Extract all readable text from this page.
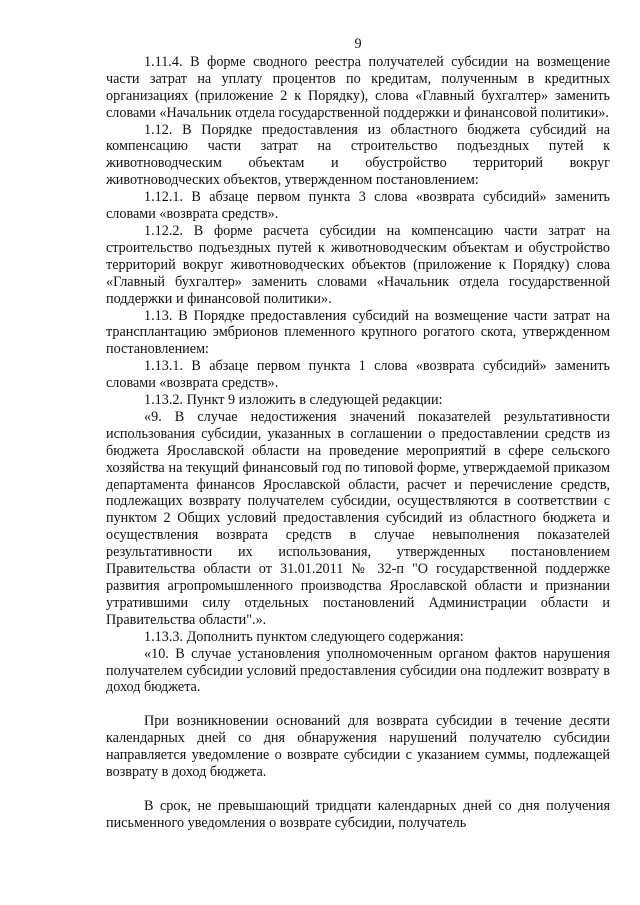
9

1.11.4. В форме сводного реестра получателей субсидии на возмещение части затрат на уплату процентов по кредитам, полученным в кредитных организациях (приложение 2 к Порядку), слова «Главный бухгалтер» заменить словами «Начальник отдела государственной поддержки и финансовой политики».

1.12. В Порядке предоставления из областного бюджета субсидий на компенсацию части затрат на строительство подъездных путей к животноводческим объектам и обустройство территорий вокруг животноводческих объектов, утвержденном постановлением:

1.12.1. В абзаце первом пункта 3 слова «возврата субсидий» заменить словами «возврата средств».

1.12.2. В форме расчета субсидии на компенсацию части затрат на строительство подъездных путей к животноводческим объектам и обустройство территорий вокруг животноводческих объектов (приложение к Порядку) слова «Главный бухгалтер» заменить словами «Начальник отдела государственной поддержки и финансовой политики».

1.13. В Порядке предоставления субсидий на возмещение части затрат на трансплантацию эмбрионов племенного крупного рогатого скота, утвержденном постановлением:

1.13.1. В абзаце первом пункта 1 слова «возврата субсидий» заменить словами «возврата средств».

1.13.2. Пункт 9 изложить в следующей редакции:

«9. В случае недостижения значений показателей результативности использования субсидии, указанных в соглашении о предоставлении средств из бюджета Ярославской области на проведение мероприятий в сфере сельского хозяйства на текущий финансовый год по типовой форме, утверждаемой приказом департамента финансов Ярославской области, расчет и перечисление средств, подлежащих возврату получателем субсидии, осуществляются в соответствии с пунктом 2 Общих условий предоставления субсидий из областного бюджета и осуществления возврата средств в случае невыполнения показателей результативности их использования, утвержденных постановлением Правительства области от 31.01.2011 № 32-п "О государственной поддержке развития агропромышленного производства Ярославской области и признании утратившими силу отдельных постановлений Администрации области и Правительства области".».

1.13.3. Дополнить пунктом следующего содержания:

«10. В случае установления уполномоченным органом фактов нарушения получателем субсидии условий предоставления субсидии она подлежит возврату в доход бюджета.

При возникновении оснований для возврата субсидии в течение десяти календарных дней со дня обнаружения нарушений получателю субсидии направляется уведомление о возврате субсидии с указанием суммы, подлежащей возврату в доход бюджета.

В срок, не превышающий тридцати календарных дней со дня получения письменного уведомления о возврате субсидии, получатель
